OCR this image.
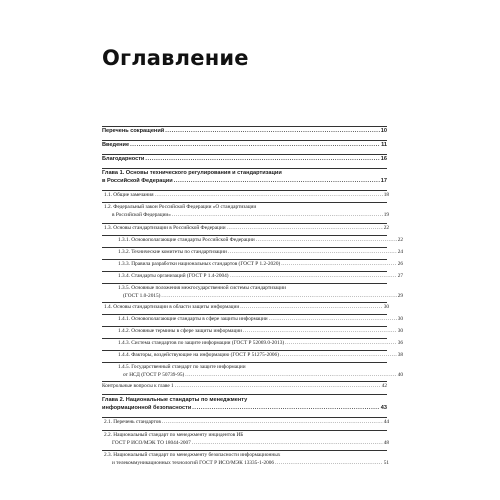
Оглавление
Перечень сокращений .....	10
Введение .....	11
Благодарности .....	16
Глава 1. Основы технического регулирования и стандартизации
в Российской Федерации .....	17
1.1. Общие замечания .....	18
1.2. Федеральный закон Российской Федерации «О стандартизации
в Российской Федерации» .....	19
1.3. Основы стандартизации в Российской Федерации .....	22
1.3.1. Основополагающие стандарты Российской Федерации .....	22
1.3.2. Технические комитеты по стандартизации .....	24
1.3.3. Правила разработки национальных стандартов (ГОСТ Р 1.2-2020) .....	26
1.3.4. Стандарты организаций (ГОСТ Р 1.4-2004) .....	27
1.3.5. Основные положения межгосударственной системы стандартизации
(ГОСТ 1.0-2015) .....	29
1.4. Основы стандартизации в области защиты информации .....	30
1.4.1. Основополагающие стандарты в сфере защиты информации .....	30
1.4.2. Основные термины в сфере защиты информации .....	30
1.4.3. Система стандартов по защите информации (ГОСТ Р 52069.0-2013) .....	36
1.4.4. Факторы, воздействующие на информацию (ГОСТ Р 51275-2006) .....	38
1.4.5. Государственный стандарт по защите информации
от НСД (ГОСТ Р 50739-95) .....	40
Контрольные вопросы к главе 1 .....	42
Глава 2. Национальные стандарты по менеджменту
информационной безопасности .....	43
2.1. Перечень стандартов .....	44
2.2. Национальный стандарт по менеджменту инцидентов ИБ
ГОСТ Р ИСО/МЭК ТО 18044-2007 .....	48
2.3. Национальный стандарт по менеджменту безопасности информационных
и телекоммуникационных технологий ГОСТ Р ИСО/МЭК 13335-1-2006 .....	51
